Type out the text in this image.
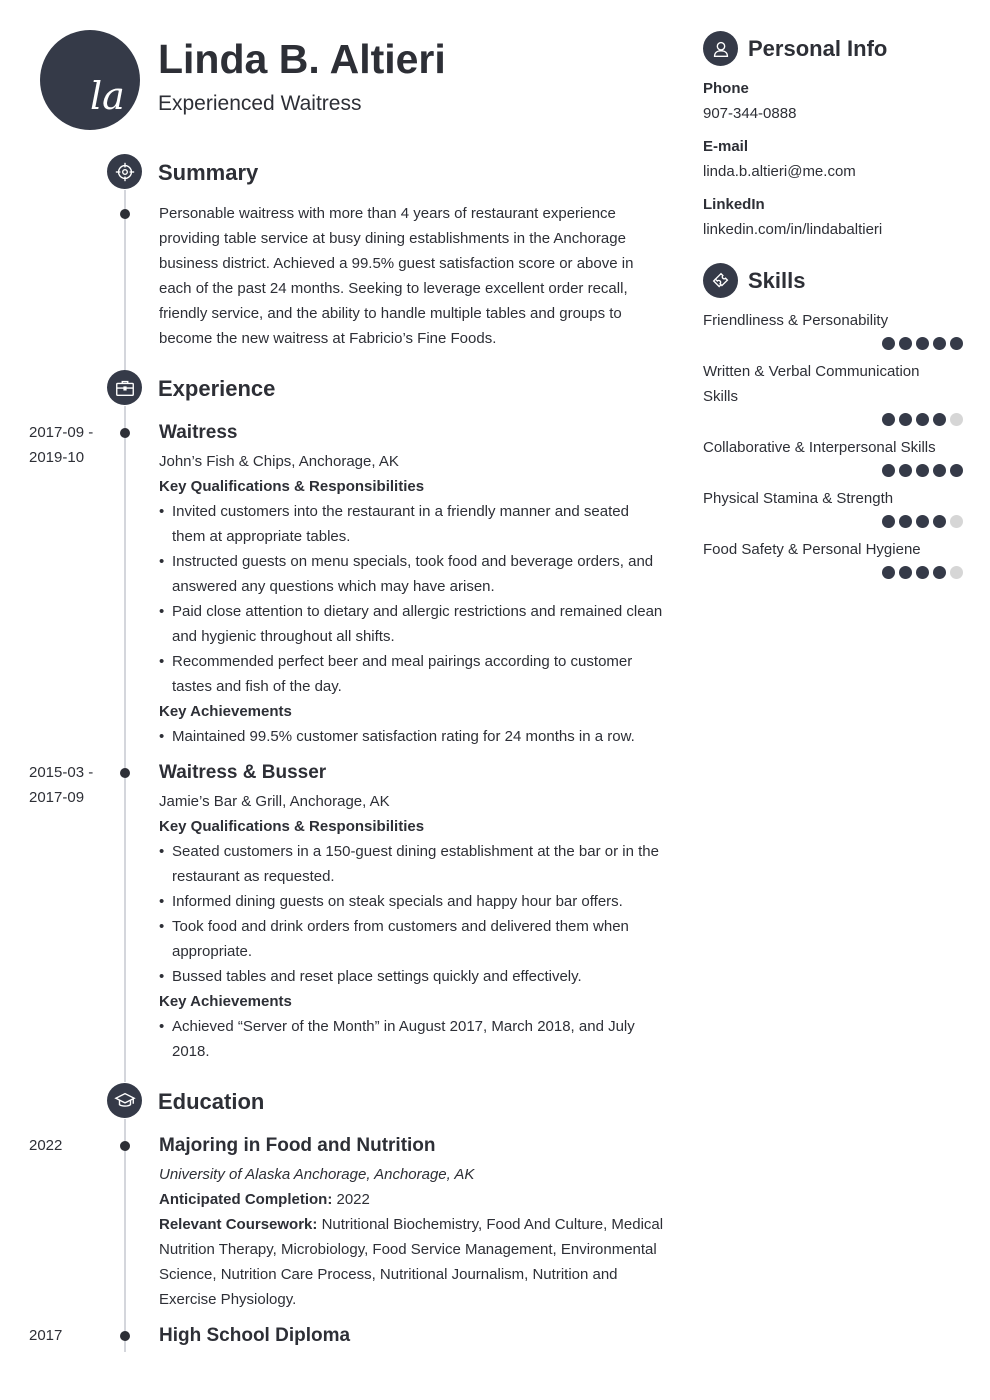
la
Linda B. Altieri
Experienced Waitress
Summary
Personable waitress with more than 4 years of restaurant experience providing table service at busy dining establishments in the Anchorage business district. Achieved a 99.5% guest satisfaction score or above in each of the past 24 months. Seeking to leverage excellent order recall, friendly service, and the ability to handle multiple tables and groups to become the new waitress at Fabricio’s Fine Foods.
Experience
2017-09 - 2019-10
Waitress
John’s Fish & Chips, Anchorage, AK
Key Qualifications & Responsibilities
• Invited customers into the restaurant in a friendly manner and seated them at appropriate tables.
• Instructed guests on menu specials, took food and beverage orders, and answered any questions which may have arisen.
• Paid close attention to dietary and allergic restrictions and remained clean and hygienic throughout all shifts.
• Recommended perfect beer and meal pairings according to customer tastes and fish of the day.
Key Achievements
• Maintained 99.5% customer satisfaction rating for 24 months in a row.
2015-03 - 2017-09
Waitress & Busser
Jamie’s Bar & Grill, Anchorage, AK
Key Qualifications & Responsibilities
• Seated customers in a 150-guest dining establishment at the bar or in the restaurant as requested.
• Informed dining guests on steak specials and happy hour bar offers.
• Took food and drink orders from customers and delivered them when appropriate.
• Bussed tables and reset place settings quickly and effectively.
Key Achievements
• Achieved “Server of the Month” in August 2017, March 2018, and July 2018.
Education
2022	Majoring in Food and Nutrition
University of Alaska Anchorage, Anchorage, AK
Anticipated Completion: 2022
Relevant Coursework: Nutritional Biochemistry, Food And Culture, Medical Nutrition Therapy, Microbiology, Food Service Management, Environmental Science, Nutrition Care Process, Nutritional Journalism, Nutrition and Exercise Physiology.
2017	High School Diploma
Personal Info
Phone
907-344-0888
E-mail
linda.b.altieri@me.com
LinkedIn
linkedin.com/in/lindabaltieri
Skills
Friendliness & Personability
Written & Verbal Communication Skills
Collaborative & Interpersonal Skills
Physical Stamina & Strength
Food Safety & Personal Hygiene
